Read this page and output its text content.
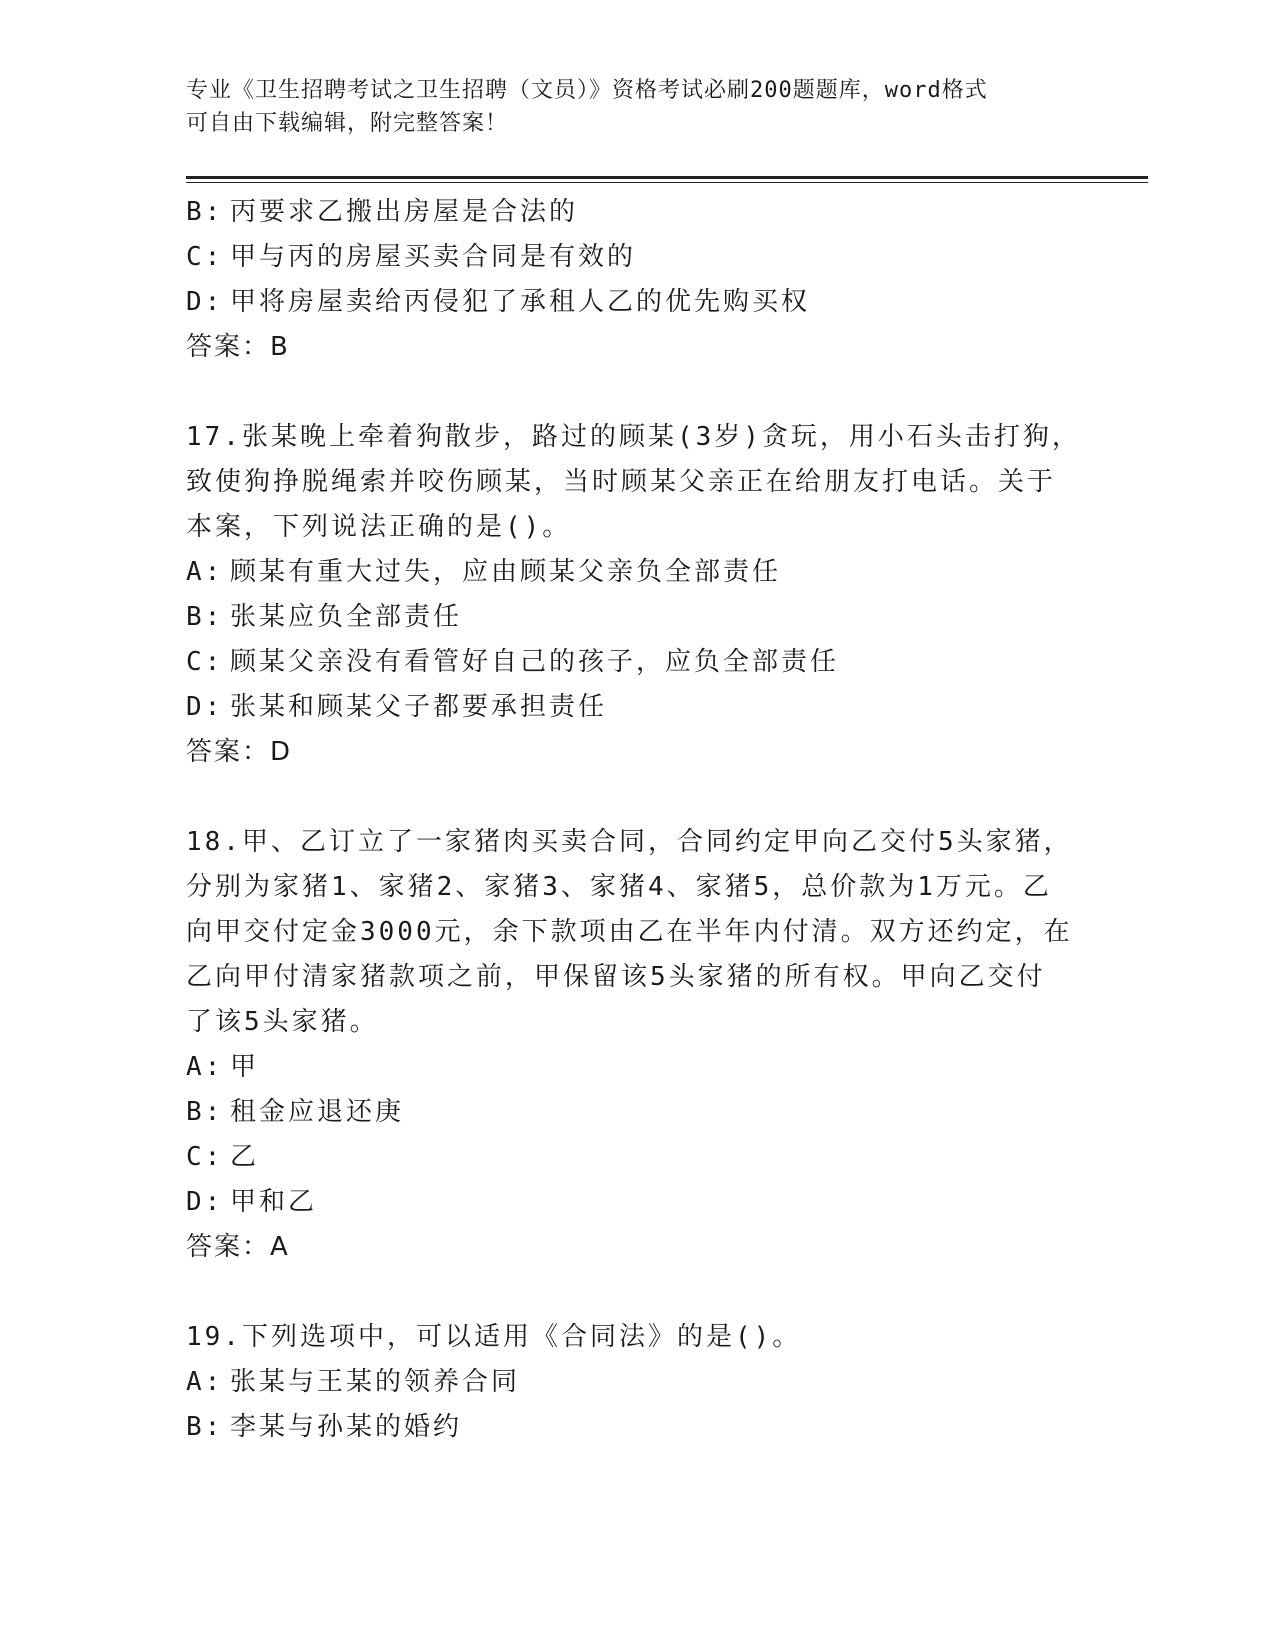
专业《卫生招聘考试之卫生招聘（文员）》资格考试必刷200题题库，word格式
可自由下载编辑，附完整答案！
B: 丙要求乙搬出房屋是合法的
C: 甲与丙的房屋买卖合同是有效的
D: 甲将房屋卖给丙侵犯了承租人乙的优先购买权
答案：B
17.张某晚上牵着狗散步，路过的顾某(3岁)贪玩，用小石头击打狗，
致使狗挣脱绳索并咬伤顾某，当时顾某父亲正在给朋友打电话。关于
本案，下列说法正确的是()。
A: 顾某有重大过失，应由顾某父亲负全部责任
B: 张某应负全部责任
C: 顾某父亲没有看管好自己的孩子，应负全部责任
D: 张某和顾某父子都要承担责任
答案：D
18.甲、乙订立了一家猪肉买卖合同，合同约定甲向乙交付5头家猪，
分别为家猪1、家猪2、家猪3、家猪4、家猪5，总价款为1万元。乙
向甲交付定金3000元，余下款项由乙在半年内付清。双方还约定，在
乙向甲付清家猪款项之前，甲保留该5头家猪的所有权。甲向乙交付
了该5头家猪。
A: 甲
B: 租金应退还庚
C: 乙
D: 甲和乙
答案：A
19.下列选项中，可以适用《合同法》的是()。
A: 张某与王某的领养合同
B: 李某与孙某的婚约
